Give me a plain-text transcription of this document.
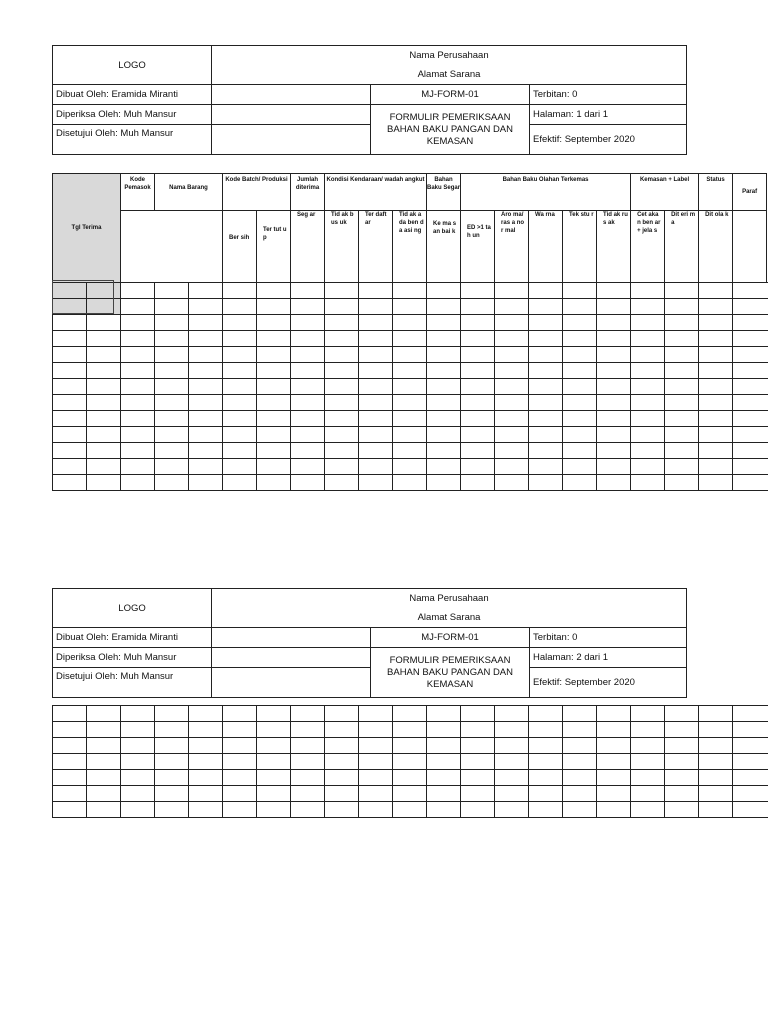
LOGO	Nama Perusahaan
Alamat Sarana		

Dibuat Oleh: Eramida Miranti		MJ-FORM-01	Terbitan: 0
Diperiksa Oleh: Muh Mansur		FORMULIR PEMERIKSAAN
BAHAN BAKU PANGAN DAN
KEMASAN	Halaman: 1 dari 1
Disetujui Oleh: Muh Mansur			Efektif: September 2020
Tgl Terima		Kode Pemasok	Nama Barang		Kode Batch/ Produksi		Jumlah diterima	Kondisi Kendaraan/ wadah angkut			Bahan Baku Segar	Bahan Baku Olahan Terkemas					Kemasan + Label		Status	Paraf	
					Ber sih	Ter tut up	Seg ar	Tid ak bus uk	Ter daft ar	Tid ak ada ben da asi ng	Ke ma san bai k	ED >1 tah un	Aro ma/ ras a nor mal	Wa rna	Tek stu r	Tid ak rus ak	Cet aka n ben ar+ jela s	Dit eri ma	Dit ola k		

LOGO	Nama Perusahaan
Alamat Sarana		

Dibuat Oleh: Eramida Miranti		MJ-FORM-01	Terbitan: 0
Diperiksa Oleh: Muh Mansur		FORMULIR PEMERIKSAAN
BAHAN BAKU PANGAN DAN
KEMASAN	Halaman: 2 dari 1
Disetujui Oleh: Muh Mansur			Efektif: September 2020
